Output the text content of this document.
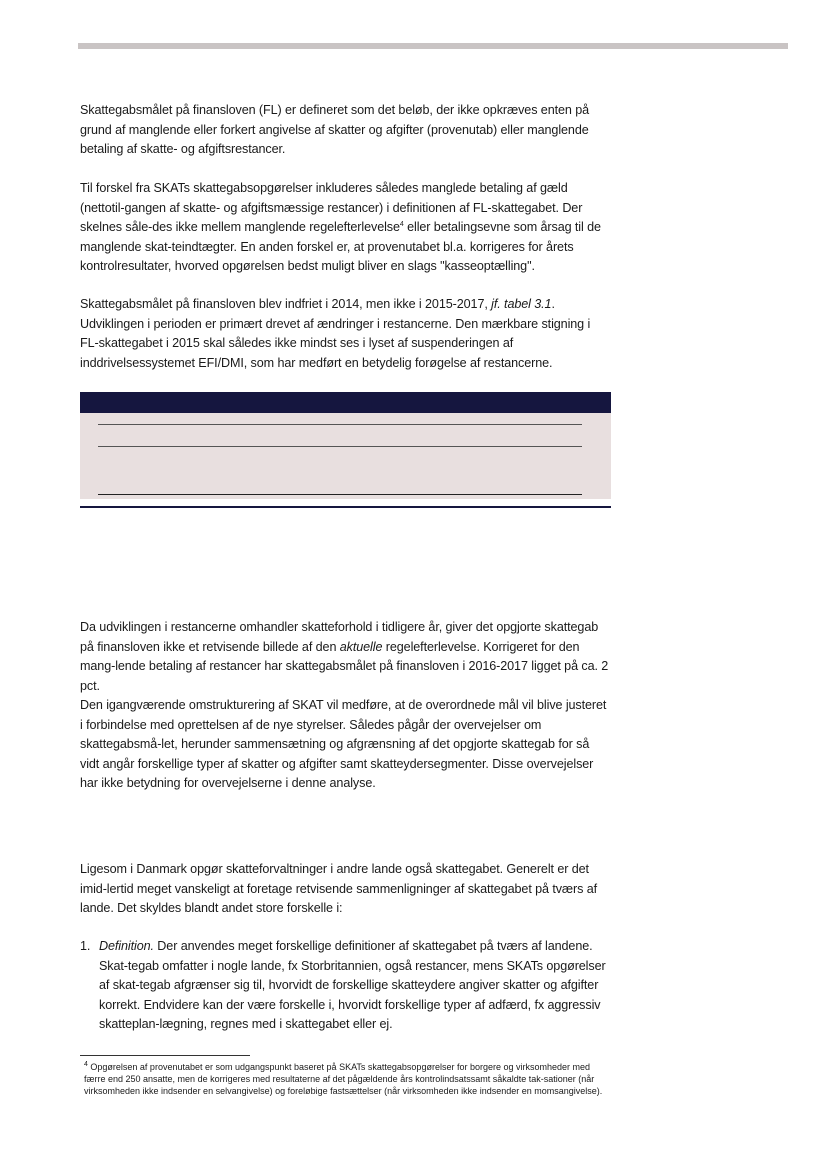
Skattegabsmålet på finansloven (FL) er defineret som det beløb, der ikke opkræves enten på grund af manglende eller forkert angivelse af skatter og afgifter (provenutab) eller manglende betaling af skatte- og afgiftsrestancer.

Til forskel fra SKATs skattegabsopgørelser inkluderes således manglede betaling af gæld (nettotil-gangen af skatte- og afgiftsmæssige restancer) i definitionen af FL-skattegabet. Der skelnes såle-des ikke mellem manglende regelefterlevelse$^4$ eller betalingsevne som årsag til de manglende skat-teindtægter. En anden forskel er, at provenutabet bl.a. korrigeres for årets kontrolresultater, hvorved opgørelsen bedst muligt bliver en slags "kasseoptælling".

Skattegabsmålet på finansloven blev indfriet i 2014, men ikke i 2015-2017, jf. tabel 3.1. Udviklingen i perioden er primært drevet af ændringer i restancerne. Den mærkbare stigning i FL-skattegabet i 2015 skal således ikke mindst ses i lyset af suspenderingen af inddrivelsessystemet EFI/DMI, som har medført en betydelig forøgelse af restancerne.

Da udviklingen i restancerne omhandler skatteforhold i tidligere år, giver det opgjorte skattegab på finansloven ikke et retvisende billede af den aktuelle regelefterlevelse. Korrigeret for den mang-lende betaling af restancer har skattegabsmålet på finansloven i 2016-2017 ligget på ca. 2 pct.

Den igangværende omstrukturering af SKAT vil medføre, at de overordnede mål vil blive justeret i forbindelse med oprettelsen af de nye styrelser. Således pågår der overvejelser om skattegabsmå-let, herunder sammensætning og afgrænsning af det opgjorte skattegab for så vidt angår forskellige typer af skatter og afgifter samt skatteydersegmenter. Disse overvejelser har ikke betydning for overvejelserne i denne analyse.

Ligesom i Danmark opgør skatteforvaltninger i andre lande også skattegabet. Generelt er det imid-lertid meget vanskeligt at foretage retvisende sammenligninger af skattegabet på tværs af lande. Det skyldes blandt andet store forskelle i:

1. Definition. Der anvendes meget forskellige definitioner af skattegabet på tværs af landene. Skat-tegab omfatter i nogle lande, fx Storbritannien, også restancer, mens SKATs opgørelser af skat-tegab afgrænser sig til, hvorvidt de forskellige skatteydere angiver skatter og afgifter korrekt. Endvidere kan der være forskelle i, hvorvidt forskellige typer af adfærd, fx aggressiv skatteplan-lægning, regnes med i skattegabet eller ej.

$^4$ Opgørelsen af provenutabet er som udgangspunkt baseret på SKATs skattegabsopgørelser for borgere og virksomheder med færre end 250 ansatte, men de korrigeres med resultaterne af det pågældende års kontrolindsatssamt såkaldte tak-sationer (når virksomheden ikke indsender en selvangivelse) og foreløbige fastsættelser (når virksomheden ikke indsender en momsangivelse).
